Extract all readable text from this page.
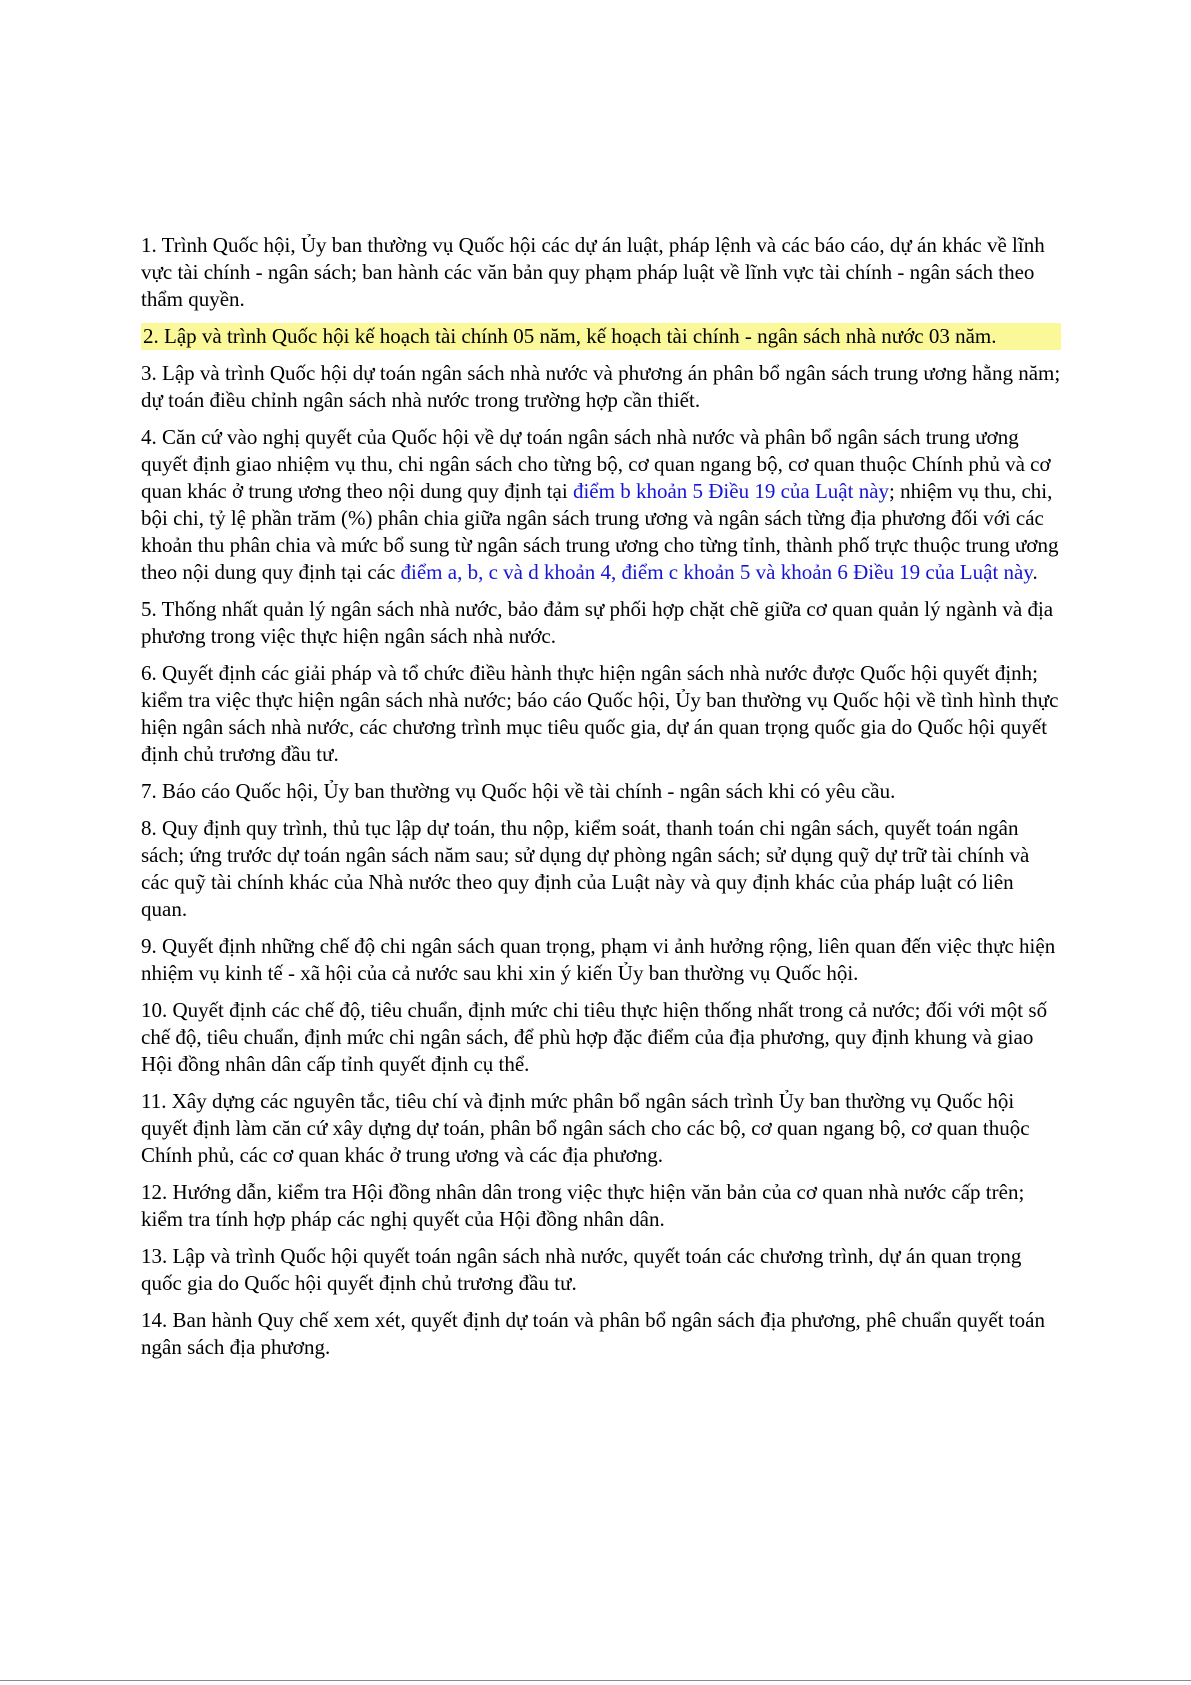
1. Trình Quốc hội, Ủy ban thường vụ Quốc hội các dự án luật, pháp lệnh và các báo cáo, dự án khác về lĩnh vực tài chính - ngân sách; ban hành các văn bản quy phạm pháp luật về lĩnh vực tài chính - ngân sách theo thẩm quyền.

2. Lập và trình Quốc hội kế hoạch tài chính 05 năm, kế hoạch tài chính - ngân sách nhà nước 03 năm.

3. Lập và trình Quốc hội dự toán ngân sách nhà nước và phương án phân bổ ngân sách trung ương hằng năm; dự toán điều chỉnh ngân sách nhà nước trong trường hợp cần thiết.

4. Căn cứ vào nghị quyết của Quốc hội về dự toán ngân sách nhà nước và phân bổ ngân sách trung ương quyết định giao nhiệm vụ thu, chi ngân sách cho từng bộ, cơ quan ngang bộ, cơ quan thuộc Chính phủ và cơ quan khác ở trung ương theo nội dung quy định tại điểm b khoản 5 Điều 19 của Luật này; nhiệm vụ thu, chi, bội chi, tỷ lệ phần trăm (%) phân chia giữa ngân sách trung ương và ngân sách từng địa phương đối với các khoản thu phân chia và mức bổ sung từ ngân sách trung ương cho từng tỉnh, thành phố trực thuộc trung ương theo nội dung quy định tại các điểm a, b, c và d khoản 4, điểm c khoản 5 và khoản 6 Điều 19 của Luật này.

5. Thống nhất quản lý ngân sách nhà nước, bảo đảm sự phối hợp chặt chẽ giữa cơ quan quản lý ngành và địa phương trong việc thực hiện ngân sách nhà nước.

6. Quyết định các giải pháp và tổ chức điều hành thực hiện ngân sách nhà nước được Quốc hội quyết định; kiểm tra việc thực hiện ngân sách nhà nước; báo cáo Quốc hội, Ủy ban thường vụ Quốc hội về tình hình thực hiện ngân sách nhà nước, các chương trình mục tiêu quốc gia, dự án quan trọng quốc gia do Quốc hội quyết định chủ trương đầu tư.

7. Báo cáo Quốc hội, Ủy ban thường vụ Quốc hội về tài chính - ngân sách khi có yêu cầu.

8. Quy định quy trình, thủ tục lập dự toán, thu nộp, kiểm soát, thanh toán chi ngân sách, quyết toán ngân sách; ứng trước dự toán ngân sách năm sau; sử dụng dự phòng ngân sách; sử dụng quỹ dự trữ tài chính và các quỹ tài chính khác của Nhà nước theo quy định của Luật này và quy định khác của pháp luật có liên quan.

9. Quyết định những chế độ chi ngân sách quan trọng, phạm vi ảnh hưởng rộng, liên quan đến việc thực hiện nhiệm vụ kinh tế - xã hội của cả nước sau khi xin ý kiến Ủy ban thường vụ Quốc hội.

10. Quyết định các chế độ, tiêu chuẩn, định mức chi tiêu thực hiện thống nhất trong cả nước; đối với một số chế độ, tiêu chuẩn, định mức chi ngân sách, để phù hợp đặc điểm của địa phương, quy định khung và giao Hội đồng nhân dân cấp tỉnh quyết định cụ thể.

11. Xây dựng các nguyên tắc, tiêu chí và định mức phân bổ ngân sách trình Ủy ban thường vụ Quốc hội quyết định làm căn cứ xây dựng dự toán, phân bổ ngân sách cho các bộ, cơ quan ngang bộ, cơ quan thuộc Chính phủ, các cơ quan khác ở trung ương và các địa phương.

12. Hướng dẫn, kiểm tra Hội đồng nhân dân trong việc thực hiện văn bản của cơ quan nhà nước cấp trên; kiểm tra tính hợp pháp các nghị quyết của Hội đồng nhân dân.

13. Lập và trình Quốc hội quyết toán ngân sách nhà nước, quyết toán các chương trình, dự án quan trọng quốc gia do Quốc hội quyết định chủ trương đầu tư.

14. Ban hành Quy chế xem xét, quyết định dự toán và phân bổ ngân sách địa phương, phê chuẩn quyết toán ngân sách địa phương.
